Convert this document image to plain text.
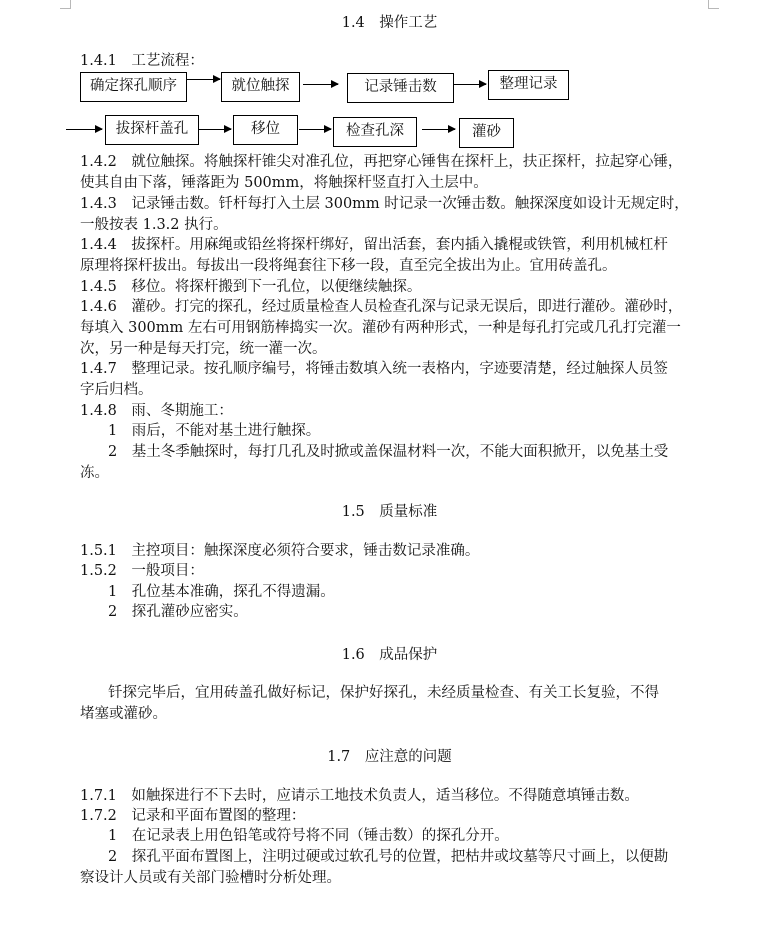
1.4　操作工艺
1.4.1　工艺流程：
确定探孔顺序	就位触探	记录锤击数	整理记录
拔探杆盖孔	移位	检查孔深	灌砂
1.4.2　就位触探。将触探杆锥尖对准孔位，再把穿心锤售在探杆上，扶正探杆，拉起穿心锤，
使其自由下落，锤落距为 500mm，将触探杆竖直打入土层中。
1.4.3　记录锤击数。钎杆每打入土层 300mm 时记录一次锤击数。触探深度如设计无规定时，
一般按表 1.3.2 执行。
1.4.4　拔探杆。用麻绳或铅丝将探杆绑好，留出活套，套内插入撬棍或铁管，利用机械杠杆
原理将探杆拔出。每拔出一段将绳套往下移一段，直至完全拔出为止。宜用砖盖孔。
1.4.5　移位。将探杆搬到下一孔位，以便继续触探。
1.4.6　灌砂。打完的探孔，经过质量检查人员检查孔深与记录无误后，即进行灌砂。灌砂时，
每填入 300mm 左右可用钢筋棒捣实一次。灌砂有两种形式，一种是每孔打完或几孔打完灌一
次，另一种是每天打完，统一灌一次。
1.4.7　整理记录。按孔顺序编号，将锤击数填入统一表格内，字迹要清楚，经过触探人员签
字后归档。
1.4.8　雨、冬期施工：
1　雨后，不能对基土进行触探。
2　基土冬季触探时，每打几孔及时掀或盖保温材料一次，不能大面积掀开，以免基土受
冻。
1.5　质量标准
1.5.1　主控项目：触探深度必须符合要求，锤击数记录准确。
1.5.2　一般项目：
1　孔位基本准确，探孔不得遗漏。
2　探孔灌砂应密实。
1.6　成品保护
钎探完毕后，宜用砖盖孔做好标记，保护好探孔，未经质量检查、有关工长复验，不得
堵塞或灌砂。
1.7　应注意的问题
1.7.1　如触探进行不下去时，应请示工地技术负责人，适当移位。不得随意填锤击数。
1.7.2　记录和平面布置图的整理：
1　在记录表上用色铅笔或符号将不同（锤击数）的探孔分开。
2　探孔平面布置图上，注明过硬或过软孔号的位置，把枯井或坟墓等尺寸画上，以便勘
察设计人员或有关部门验槽时分析处理。
